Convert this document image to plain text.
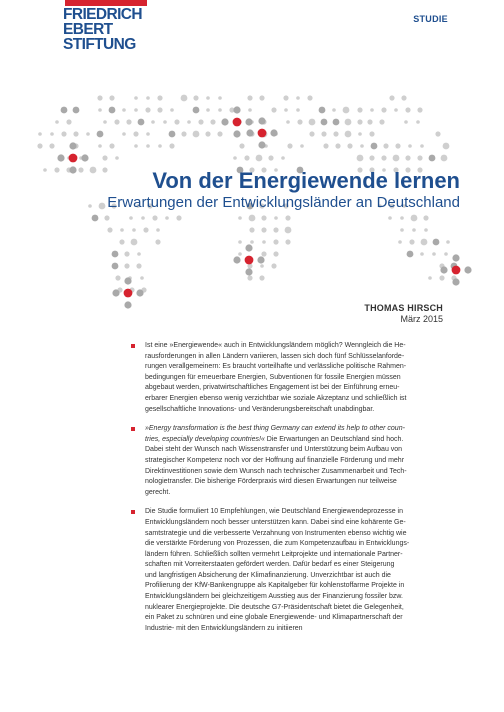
FRIEDRICH
EBERT
STIFTUNG
STUDIE
Von der Energiewende lernen
Erwartungen der Entwicklungsländer an Deutschland
THOMAS HIRSCH
März 2015

Ist eine »Energiewende« auch in Entwicklungsländern möglich? Wenngleich die He-
rausforderungen in allen Ländern variieren, lassen sich doch fünf Schlüsselanforde-
rungen verallgemeinern: Es braucht vorteilhafte und verlässliche politische Rahmen-
bedingungen für erneuerbare Energien, Subventionen für fossile Energien müssen
abgebaut werden, privatwirtschaftliches Engagement ist bei der Einführung erneu-
erbarer Energien ebenso wenig verzichtbar wie soziale Akzeptanz und schließlich ist
gesellschaftliche Innovations- und Veränderungsbereitschaft unabdingbar.

»Energy transformation is the best thing Germany can extend its help to other coun-
tries, especially developing countries!« Die Erwartungen an Deutschland sind hoch.
Dabei steht der Wunsch nach Wissenstransfer und Unterstützung beim Aufbau von
strategischer Kompetenz noch vor der Hoffnung auf finanzielle Förderung und mehr
Direktinvestitionen sowie dem Wunsch nach technischer Zusammenarbeit und Tech-
nologietransfer. Die bisherige Förderpraxis wird diesen Erwartungen nur teilweise
gerecht.

Die Studie formuliert 10 Empfehlungen, wie Deutschland Energiewendeprozesse in
Entwicklungsländern noch besser unterstützen kann. Dabei sind eine kohärente Ge-
samtstrategie und die verbesserte Verzahnung von Instrumenten ebenso wichtig wie
die verstärkte Förderung von Prozessen, die zum Kompetenzaufbau in Entwicklungs-
ländern führen. Schließlich sollten vermehrt Leitprojekte und internationale Partner-
schaften mit Vorreiterstaaten gefördert werden. Dafür bedarf es einer Steigerung
und langfristigen Absicherung der Klimafinanzierung. Unverzichtbar ist auch die
Profilierung der KfW-Bankengruppe als Kapitalgeber für kohlenstoffarme Projekte in
Entwicklungsländern bei gleichzeitigem Ausstieg aus der Finanzierung fossiler bzw.
nuklearer Energieprojekte. Die deutsche G7-Präsidentschaft bietet die Gelegenheit,
ein Paket zu schnüren und eine globale Energiewende- und Klimapartnerschaft der
Industrie- mit den Entwicklungsländern zu initiieren
